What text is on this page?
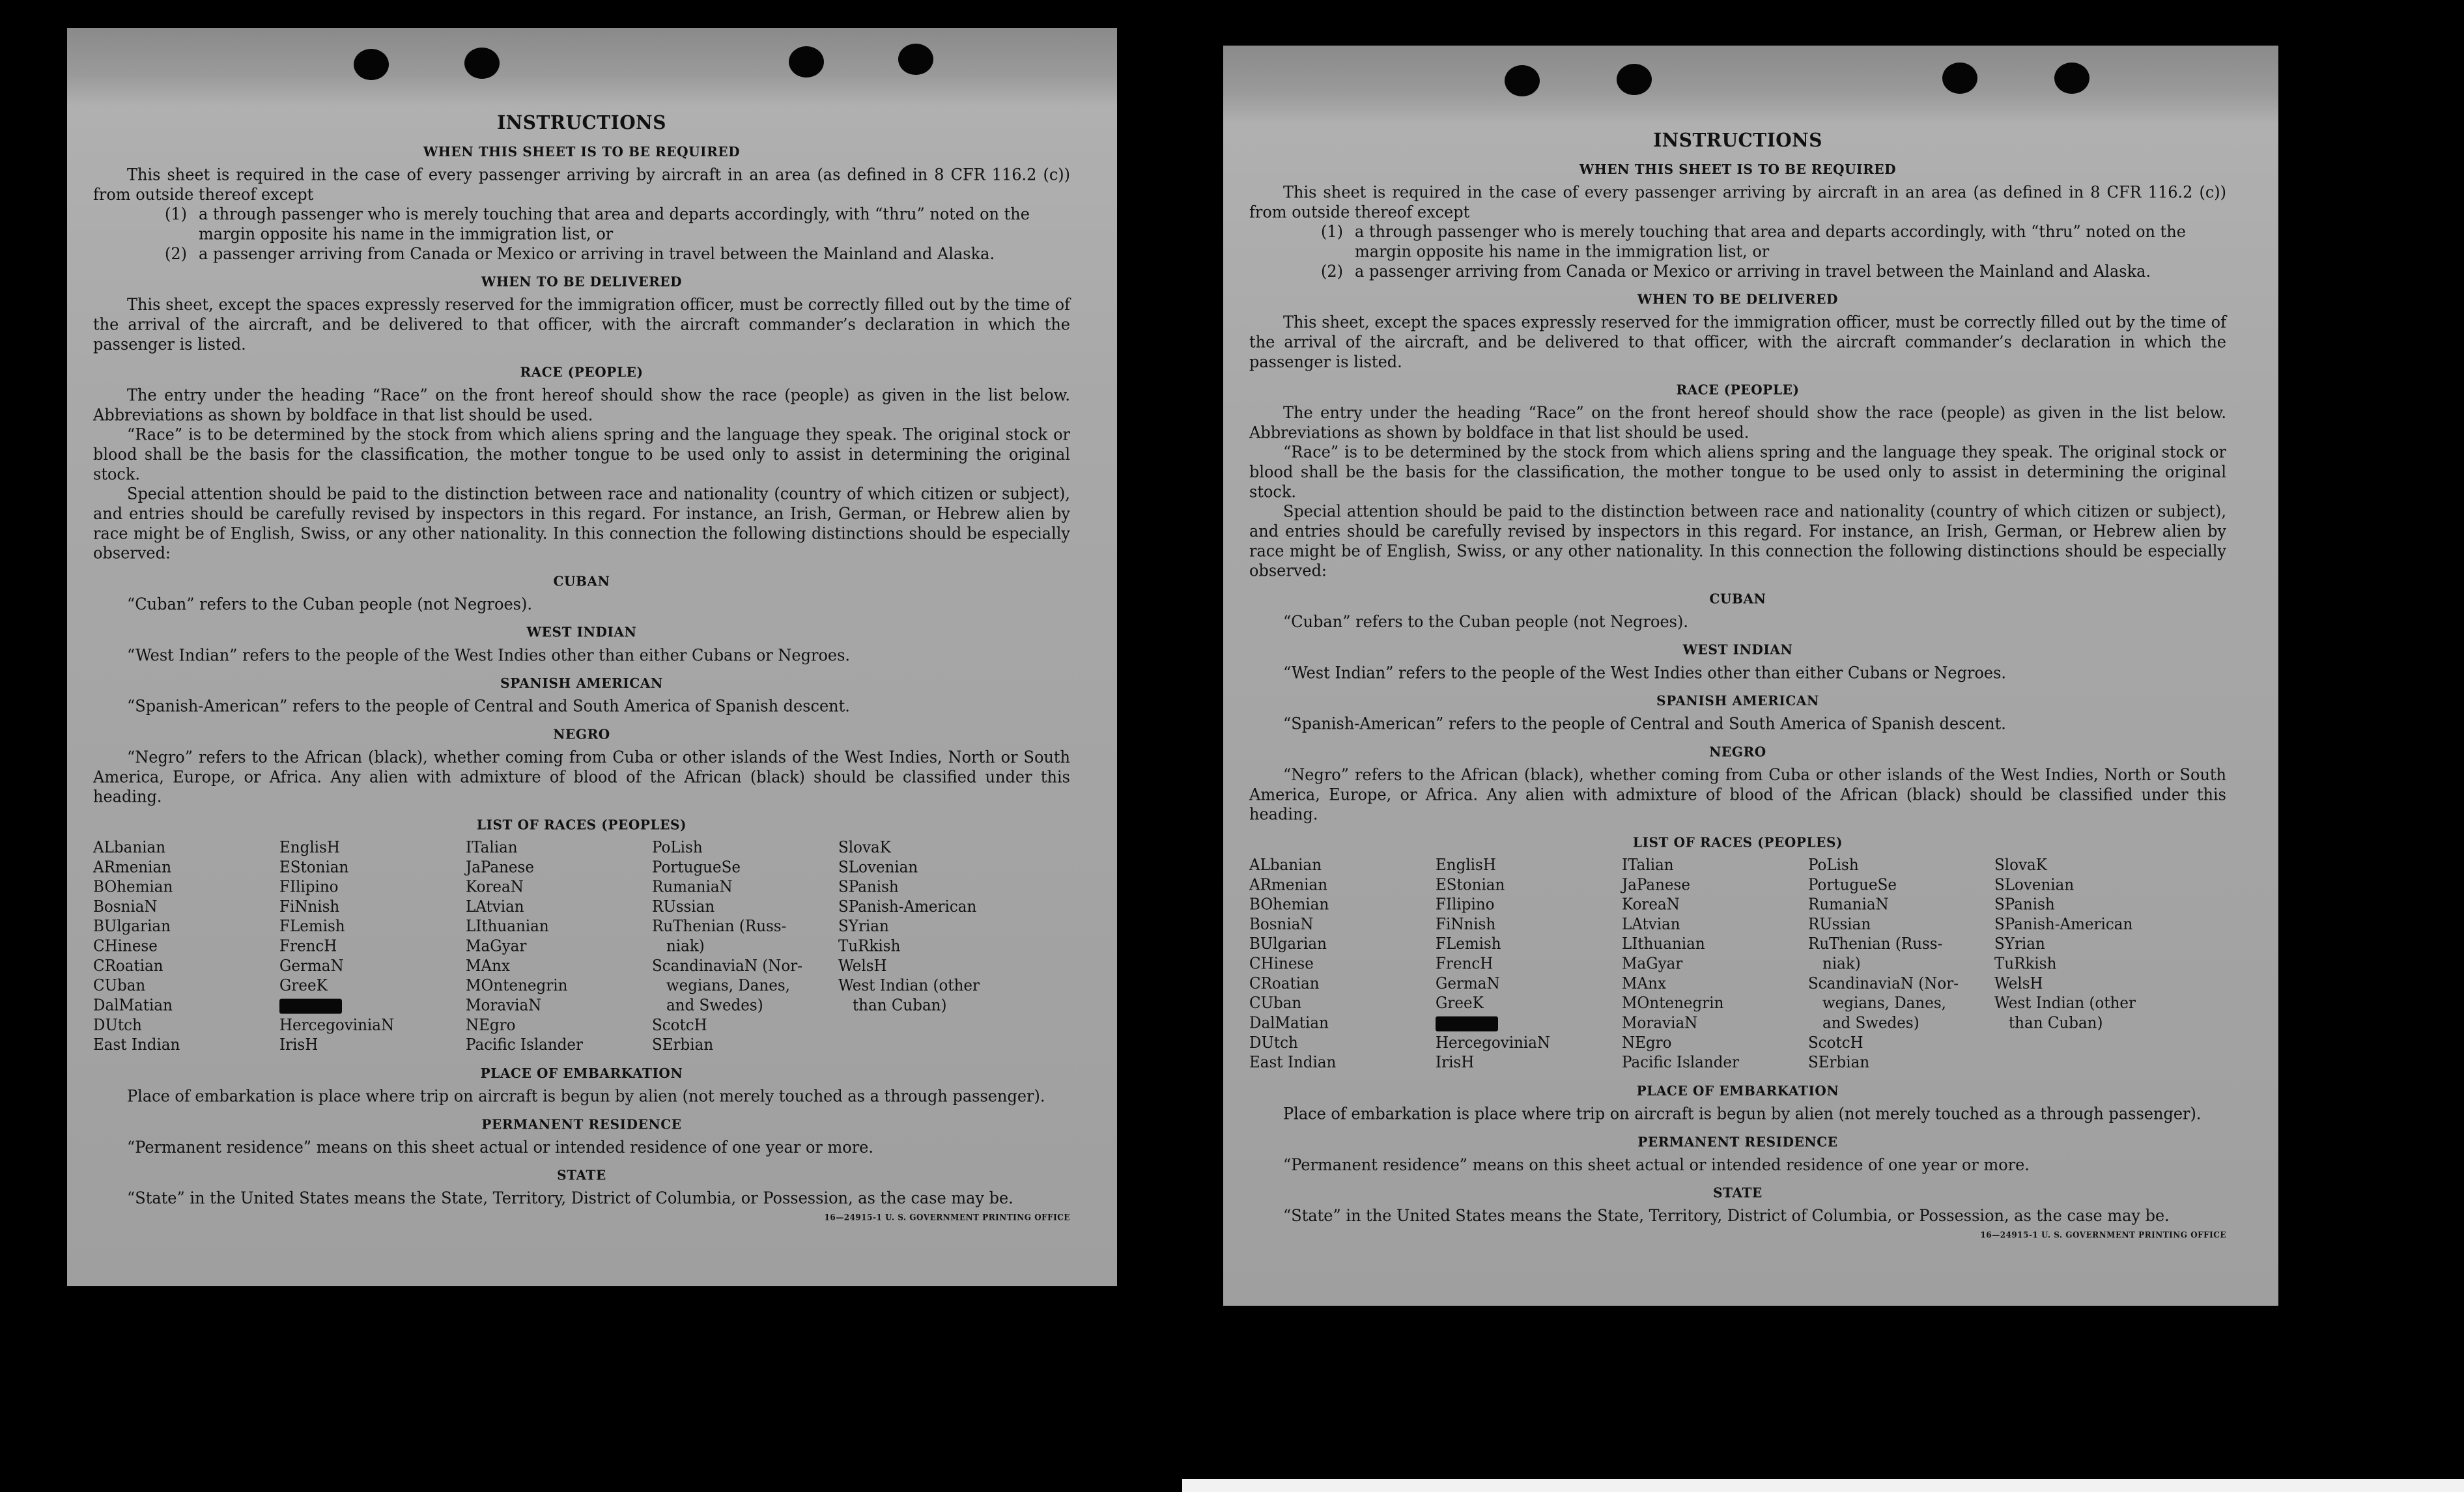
INSTRUCTIONS
WHEN THIS SHEET IS TO BE REQUIRED

This sheet is required in the case of every passenger arriving by aircraft in an area (as defined in 8 CFR 116.2 (c)) from outside thereof except

(1) a through passenger who is merely touching that area and departs accordingly, with “thru” noted on the margin opposite his name in the immigration list, or
(2) a passenger arriving from Canada or Mexico or arriving in travel between the Mainland and Alaska.
WHEN TO BE DELIVERED

This sheet, except the spaces expressly reserved for the immigration officer, must be correctly filled out by the time of the arrival of the aircraft, and be delivered to that officer, with the aircraft commander’s declaration in which the passenger is listed.

RACE (PEOPLE)

The entry under the heading “Race” on the front hereof should show the race (people) as given in the list below. Abbreviations as shown by boldface in that list should be used.

“Race” is to be determined by the stock from which aliens spring and the language they speak. The original stock or blood shall be the basis for the classification, the mother tongue to be used only to assist in determining the original stock.

Special attention should be paid to the distinction between race and nationality (country of which citizen or subject), and entries should be carefully revised by inspectors in this regard. For instance, an Irish, German, or Hebrew alien by race might be of English, Swiss, or any other nationality. In this connection the following distinctions should be especially observed:

CUBAN

“Cuban” refers to the Cuban people (not Negroes).

WEST INDIAN

“West Indian” refers to the people of the West Indies other than either Cubans or Negroes.

SPANISH AMERICAN

“Spanish-American” refers to the people of Central and South America of Spanish descent.

NEGRO

“Negro” refers to the African (black), whether coming from Cuba or other islands of the West Indies, North or South America, Europe, or Africa. Any alien with admixture of blood of the African (black) should be classified under this heading.

LIST OF RACES (PEOPLES)
ALbanian
ARmenian
BOhemian
BosniaN
BUlgarian
CHinese
CRoatian
CUban
DalMatian
DUtch
East Indian
EnglisH
EStonian
FIlipino
FiNnish
FLemish
FrencH
GermaN
GreeK
HercegoviniaN
IrisH
ITalian
JaPanese
KoreaN
LAtvian
LIthuanian
MaGyar
MAnx
MOntenegrin
MoraviaN
NEgro
Pacific Islander
PoLish
PortugueSe
RumaniaN
RUssian
RuThenian (Russ-
niak)
ScandinaviaN (Nor-
wegians, Danes,
and Swedes)
ScotcH
SErbian
SlovaK
SLovenian
SPanish
SPanish-American
SYrian
TuRkish
WelsH
West Indian (other
than Cuban)
PLACE OF EMBARKATION

Place of embarkation is place where trip on aircraft is begun by alien (not merely touched as a through passenger).

PERMANENT RESIDENCE

“Permanent residence” means on this sheet actual or intended residence of one year or more.

STATE

“State” in the United States means the State, Territory, District of Columbia, or Possession, as the case may be.

16—24915-1 U. S. GOVERNMENT PRINTING OFFICE
INSTRUCTIONS
WHEN THIS SHEET IS TO BE REQUIRED

This sheet is required in the case of every passenger arriving by aircraft in an area (as defined in 8 CFR 116.2 (c)) from outside thereof except

(1) a through passenger who is merely touching that area and departs accordingly, with “thru” noted on the margin opposite his name in the immigration list, or
(2) a passenger arriving from Canada or Mexico or arriving in travel between the Mainland and Alaska.
WHEN TO BE DELIVERED

This sheet, except the spaces expressly reserved for the immigration officer, must be correctly filled out by the time of the arrival of the aircraft, and be delivered to that officer, with the aircraft commander’s declaration in which the passenger is listed.

RACE (PEOPLE)

The entry under the heading “Race” on the front hereof should show the race (people) as given in the list below. Abbreviations as shown by boldface in that list should be used.

“Race” is to be determined by the stock from which aliens spring and the language they speak. The original stock or blood shall be the basis for the classification, the mother tongue to be used only to assist in determining the original stock.

Special attention should be paid to the distinction between race and nationality (country of which citizen or subject), and entries should be carefully revised by inspectors in this regard. For instance, an Irish, German, or Hebrew alien by race might be of English, Swiss, or any other nationality. In this connection the following distinctions should be especially observed:

CUBAN

“Cuban” refers to the Cuban people (not Negroes).

WEST INDIAN

“West Indian” refers to the people of the West Indies other than either Cubans or Negroes.

SPANISH AMERICAN

“Spanish-American” refers to the people of Central and South America of Spanish descent.

NEGRO

“Negro” refers to the African (black), whether coming from Cuba or other islands of the West Indies, North or South America, Europe, or Africa. Any alien with admixture of blood of the African (black) should be classified under this heading.

LIST OF RACES (PEOPLES)
ALbanian
ARmenian
BOhemian
BosniaN
BUlgarian
CHinese
CRoatian
CUban
DalMatian
DUtch
East Indian
EnglisH
EStonian
FIlipino
FiNnish
FLemish
FrencH
GermaN
GreeK
HercegoviniaN
IrisH
ITalian
JaPanese
KoreaN
LAtvian
LIthuanian
MaGyar
MAnx
MOntenegrin
MoraviaN
NEgro
Pacific Islander
PoLish
PortugueSe
RumaniaN
RUssian
RuThenian (Russ-
niak)
ScandinaviaN (Nor-
wegians, Danes,
and Swedes)
ScotcH
SErbian
SlovaK
SLovenian
SPanish
SPanish-American
SYrian
TuRkish
WelsH
West Indian (other
than Cuban)
PLACE OF EMBARKATION

Place of embarkation is place where trip on aircraft is begun by alien (not merely touched as a through passenger).

PERMANENT RESIDENCE

“Permanent residence” means on this sheet actual or intended residence of one year or more.

STATE

“State” in the United States means the State, Territory, District of Columbia, or Possession, as the case may be.

16—24915-1 U. S. GOVERNMENT PRINTING OFFICE
